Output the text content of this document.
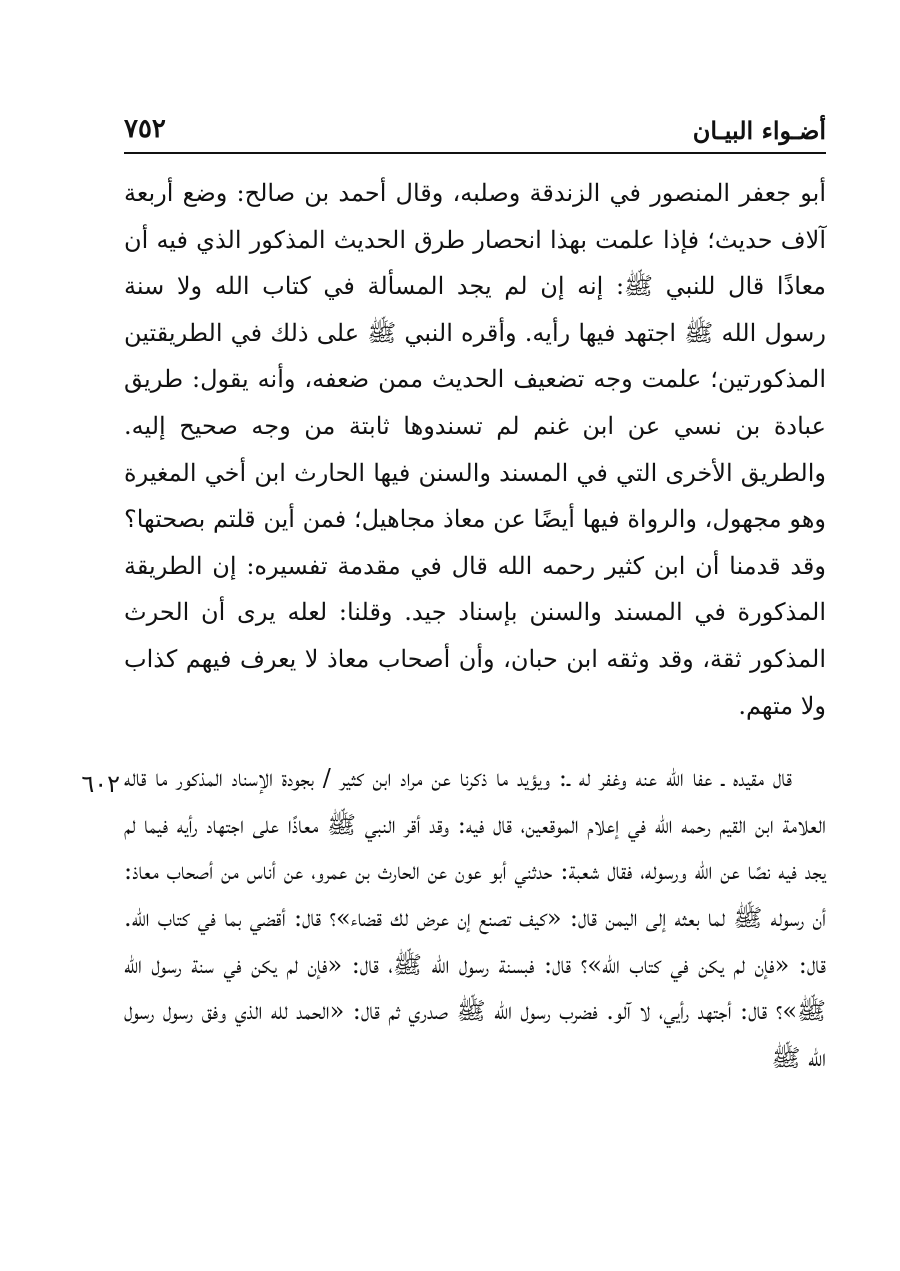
أضـواء البيـان
٧٥٢

أبو جعفر المنصور في الزندقة وصلبه، وقال أحمد بن صالح: وضع أربعة آلاف حديث؛ فإذا علمت بهذا انحصار طرق الحديث المذكور الذي فيه أن معاذًا قال للنبي ﷺ: إنه إن لم يجد المسألة في كتاب الله ولا سنة رسول الله ﷺ اجتهد فيها رأيه. وأقره النبي ﷺ على ذلك في الطريقتين المذكورتين؛ علمت وجه تضعيف الحديث ممن ضعفه، وأنه يقول: طريق عبادة بن نسي عن ابن غنم لم تسندوها ثابتة من وجه صحيح إليه. والطريق الأخرى التي في المسند والسنن فيها الحارث ابن أخي المغيرة وهو مجهول، والرواة فيها أيضًا عن معاذ مجاهيل؛ فمن أين قلتم بصحتها؟ وقد قدمنا أن ابن كثير رحمه الله قال في مقدمة تفسيره: إن الطريقة المذكورة في المسند والسنن بإسناد جيد. وقلنا: لعله يرى أن الحرث المذكور ثقة، وقد وثقه ابن حبان، وأن أصحاب معاذ لا يعرف فيهم كذاب ولا متهم.

قال مقيده ـ عفا الله عنه وغفر له ـ: ويؤيد ما ذكرنا عن مراد ابن كثير / بجودة الإسناد المذكور ما قاله العلامة ابن القيم رحمه الله في إعلام الموقعين، قال فيه: وقد أقر النبي ﷺ معاذًا على اجتهاد رأيه فيما لم يجد فيه نصًا عن الله ورسوله، فقال شعبة: حدثني أبو عون عن الحارث بن عمرو، عن أناس من أصحاب معاذ: أن رسوله ﷺ لما بعثه إلى اليمن قال: «كيف تصنع إن عرض لك قضاء»؟ قال: أقضي بما في كتاب الله. قال: «فإن لم يكن في كتاب الله»؟ قال: فبسنة رسول الله ﷺ، قال: «فإن لم يكن في سنة رسول الله ﷺ»؟ قال: أجتهد رأيي، لا آلو. فضرب رسول الله ﷺ صدري ثم قال: «الحمد لله الذي وفق رسول رسول الله ﷺ

٦٠٢
